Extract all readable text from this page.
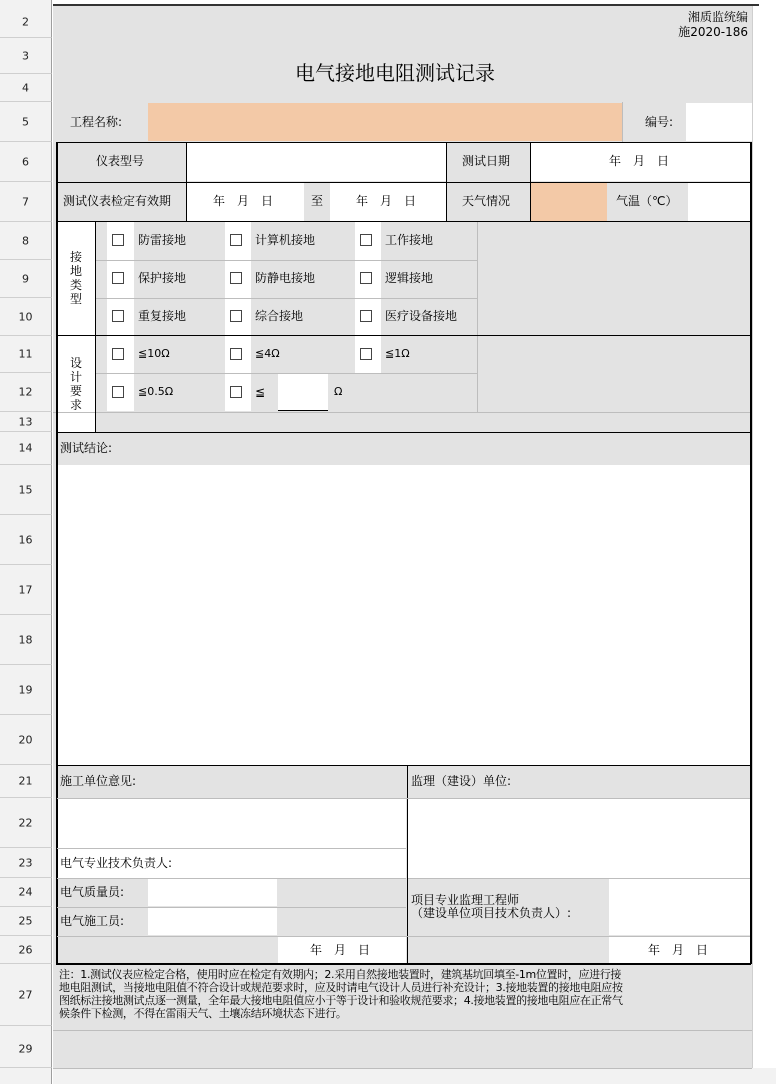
2
3
4
5
6
7
8
9
10
11
12
13
14
15
16
17
18
19
20
21
22
23
24
25
26
27
29
湘质监统编
施2020-186
电气接地电阻测试记录
工程名称:	编号:
仪表型号	测试日期	年　月　日
测试仪表检定有效期	年　月　日	至	年　月　日	天气情况	气温（℃）
接地类型
防雷接地	计算机接地	工作接地
保护接地	防静电接地	逻辑接地
重复接地	综合接地	医疗设备接地
设计要求
≦10Ω	≦4Ω	≦1Ω
≦0.5Ω	≦	Ω
测试结论:
施工单位意见:	监理（建设）单位:
电气专业技术负责人:
电气质量员:
电气施工员:
项目专业监理工程师
（建设单位项目技术负责人）:
年　月　日	年　月　日
注：1.测试仪表应检定合格，使用时应在检定有效期内；2.采用自然接地装置时，建筑基坑回填至-1m位置时，应进行接
地电阻测试，当接地电阻值不符合设计或规范要求时，应及时请电气设计人员进行补充设计；3.接地装置的接地电阻应按
图纸标注接地测试点逐一测量，全年最大接地电阻值应小于等于设计和验收规范要求；4.接地装置的接地电阻应在正常气
候条件下检测，不得在雷雨天气、土壤冻结环境状态下进行。
